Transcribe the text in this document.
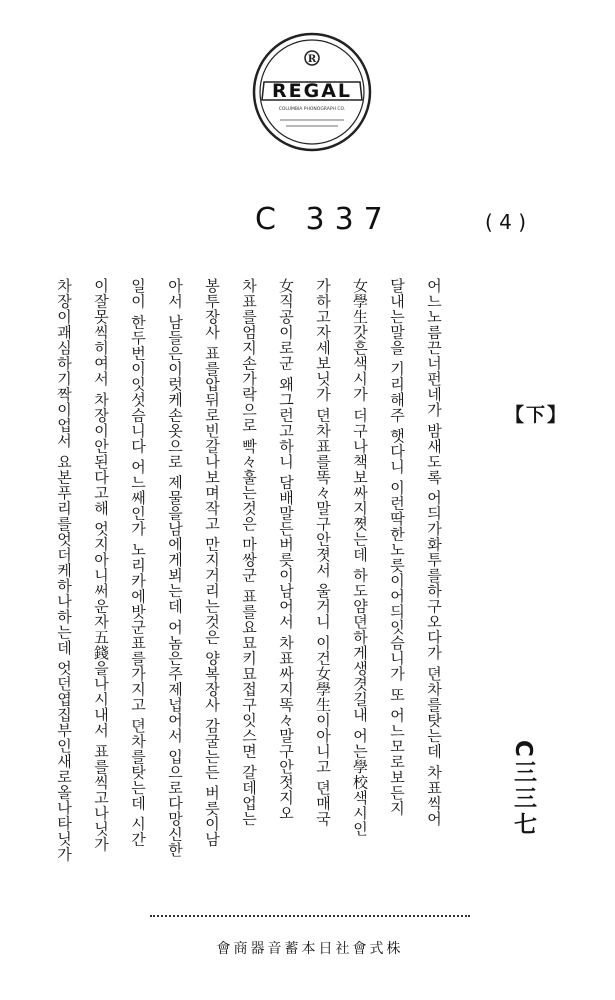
R
REGAL
COLUMBIA PHONOGRAPH CO.
C 337	( 4 )
【下】
C三三七
어느노름끈너펀네가 밤새도록 어듸가화투를하구오다가 뎐차를탓는데 차표씩어
달내는말을 기리해주 햇다니 이런딱한노릇이어듸잇슴니가 또 어느모로보든지
女學生갓흔색시가 더구나책보싸지쪗는데 하도얌뎐하게생겻길내 어는學校색시인
가하고자세보닛가 뎐차표를똑々말구안졋서 울거니 이건女學生이아니고 뎐매국
女직공이로군 왜그런고하니 담배말든버릇이남어서 차표싸지똑々말구안젓지오
차표를엄지손가락으로 빡々훌는것은 마쌍군 표를요묘키묘접구잇스면 갈데업는
봉투장사 표를압뒤로빈갈나보며작고 만지거리는것은 양복장사 감굴는든 버릇이남
아서 남들은이럿케손옷으로 제물을남에게뵈는데 어놈은주제넙어서 입으로다망신한
일이 한두번이잇섯슴니다 어느쌔인가 노리카에밧군표를가지고 뎐차를탓는데 시간
이잘못씩히여서 차장이안된다고해 엇지아니써운자五錢을나시내서 표를씩고나닛가
차장이괘심하기짝이업서 요본푸리를엇더케하나하는데 엇던엽집부인새로올나타닛가
會商器音蓄本日社會式株
